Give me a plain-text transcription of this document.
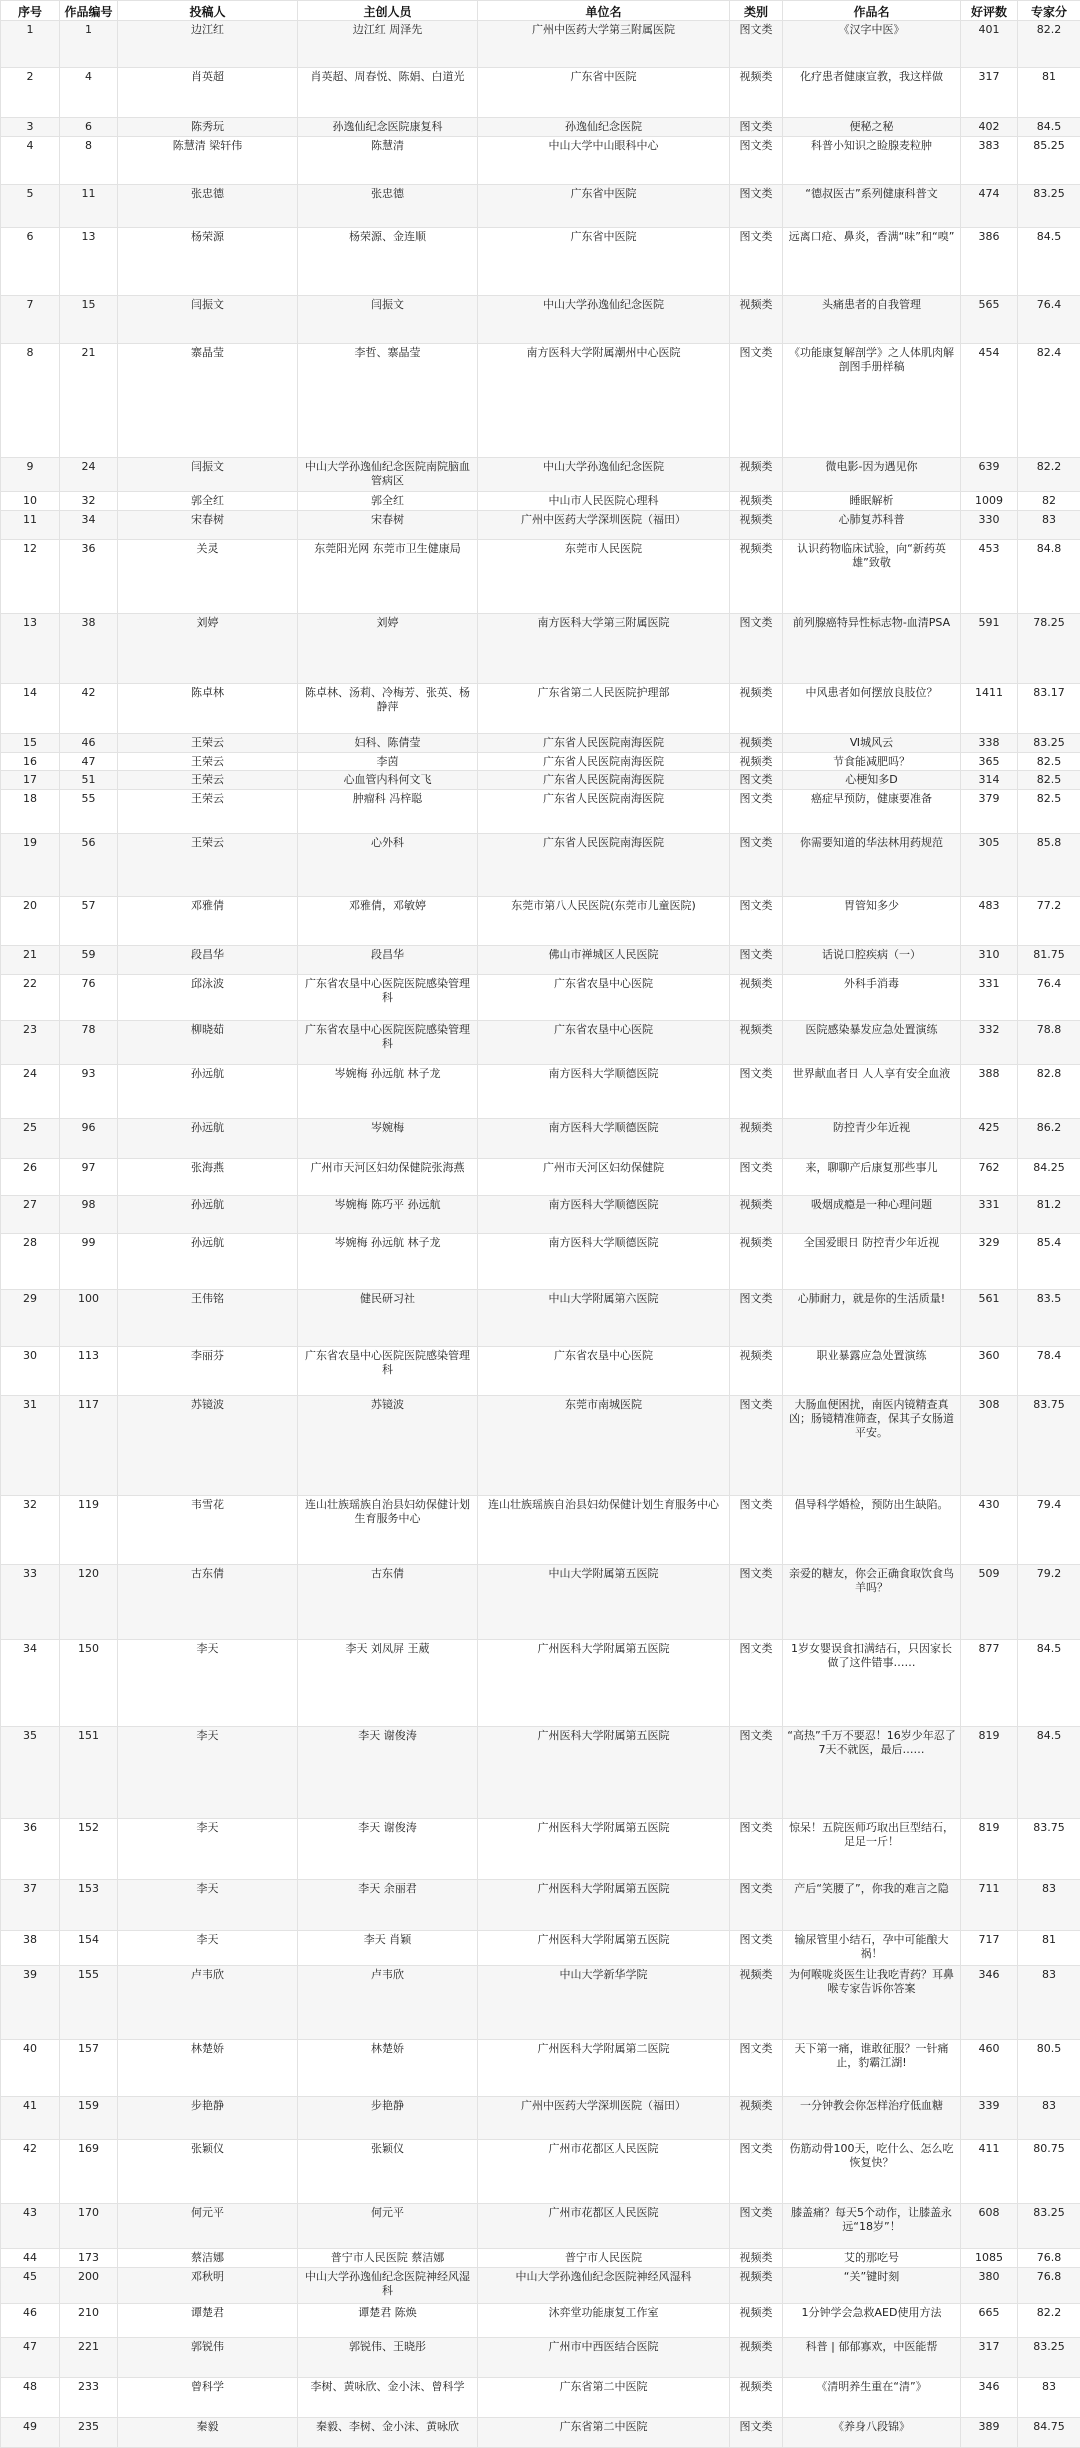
序号	作品编号	投稿人	主创人员	单位名	类别	作品名	好评数	专家分
1	1	边江红	边江红 周泽先	广州中医药大学第三附属医院	图文类	《汉字中医》	401	82.2
2	4	肖英超	肖英超、周春悦、陈娟、白道光	广东省中医院	视频类	化疗患者健康宣教，我这样做	317	81
3	6	陈秀玩	孙逸仙纪念医院康复科	孙逸仙纪念医院	图文类	便秘之秘	402	84.5
4	8	陈慧清 梁轩伟	陈慧清	中山大学中山眼科中心	图文类	科普小知识之睑腺麦粒肿	383	85.25
5	11	张忠德	张忠德	广东省中医院	图文类	“德叔医古”系列健康科普文	474	83.25
6	13	杨荣源	杨荣源、金连顺	广东省中医院	图文类	远离口疮、鼻炎，香满“味”和“嗅”	386	84.5
7	15	闫振文	闫振文	中山大学孙逸仙纪念医院	视频类	头痛患者的自我管理	565	76.4
8	21	寨晶莹	李哲、寨晶莹	南方医科大学附属潮州中心医院	图文类	《功能康复解剖学》之人体肌肉解剖图手册样稿	454	82.4
9	24	闫振文	中山大学孙逸仙纪念医院南院脑血管病区	中山大学孙逸仙纪念医院	视频类	微电影-因为遇见你	639	82.2
10	32	郭全红	郭全红	中山市人民医院心理科	视频类	睡眠解析	1009	82
11	34	宋春树	宋春树	广州中医药大学深圳医院（福田）	视频类	心肺复苏科普	330	83
12	36	关灵	东莞阳光网 东莞市卫生健康局	东莞市人民医院	视频类	认识药物临床试验，向“新药英雄”致敬	453	84.8
13	38	刘婷	刘婷	南方医科大学第三附属医院	图文类	前列腺癌特异性标志物-血清PSA	591	78.25
14	42	陈卓林	陈卓林、汤莉、冷梅芳、张英、杨静萍	广东省第二人民医院护理部	视频类	中风患者如何摆放良肢位？	1411	83.17
15	46	王荣云	妇科、陈倩莹	广东省人民医院南海医院	视频类	Ⅵ城风云	338	83.25
16	47	王荣云	李茵	广东省人民医院南海医院	视频类	节食能减肥吗？	365	82.5
17	51	王荣云	心血管内科何文飞	广东省人民医院南海医院	图文类	心梗知多D	314	82.5
18	55	王荣云	肿瘤科 冯梓聪	广东省人民医院南海医院	图文类	癌症早预防，健康要准备	379	82.5
19	56	王荣云	心外科	广东省人民医院南海医院	图文类	你需要知道的华法林用药规范	305	85.8
20	57	邓雅倩	邓雅倩，邓敏婷	东莞市第八人民医院(东莞市儿童医院)	图文类	胃管知多少	483	77.2
21	59	段昌华	段昌华	佛山市禅城区人民医院	图文类	话说口腔疾病（一）	310	81.75
22	76	邱泳波	广东省农垦中心医院医院感染管理科	广东省农垦中心医院	视频类	外科手消毒	331	76.4
23	78	柳晓茹	广东省农垦中心医院医院感染管理科	广东省农垦中心医院	视频类	医院感染暴发应急处置演练	332	78.8
24	93	孙远航	岑婉梅 孙远航 林子龙	南方医科大学顺德医院	图文类	世界献血者日 人人享有安全血液	388	82.8
25	96	孙远航	岑婉梅	南方医科大学顺德医院	视频类	防控青少年近视	425	86.2
26	97	张海燕	广州市天河区妇幼保健院张海燕	广州市天河区妇幼保健院	图文类	来，聊聊产后康复那些事儿	762	84.25
27	98	孙远航	岑婉梅 陈巧平 孙远航	南方医科大学顺德医院	视频类	吸烟成瘾是一种心理问题	331	81.2
28	99	孙远航	岑婉梅 孙远航 林子龙	南方医科大学顺德医院	视频类	全国爱眼日 防控青少年近视	329	85.4
29	100	王伟铭	健民研习社	中山大学附属第六医院	图文类	心肺耐力，就是你的生活质量!	561	83.5
30	113	李丽芬	广东省农垦中心医院医院感染管理科	广东省农垦中心医院	视频类	职业暴露应急处置演练	360	78.4
31	117	苏镜波	苏镜波	东莞市南城医院	图文类	大肠血便困扰，南医内镜精查真凶；肠镜精准筛查，保其子女肠道平安。	308	83.75
32	119	韦雪花	连山壮族瑶族自治县妇幼保健计划生育服务中心	连山壮族瑶族自治县妇幼保健计划生育服务中心	图文类	倡导科学婚检，预防出生缺陷。	430	79.4
33	120	古东倩	古东倩	中山大学附属第五医院	图文类	亲爱的糖友，你会正确食取饮食鸟羊吗？	509	79.2
34	150	李天	李天 刘凤屏 王葳	广州医科大学附属第五医院	图文类	1岁女婴误食扣满结石，只因家长做了这件错事……	877	84.5
35	151	李天	李天 谢俊涛	广州医科大学附属第五医院	图文类	“高热”千万不要忍！16岁少年忍了7天不就医，最后……	819	84.5
36	152	李天	李天 谢俊涛	广州医科大学附属第五医院	图文类	惊呆！五院医师巧取出巨型结石，足足一斤！	819	83.75
37	153	李天	李天 余丽君	广州医科大学附属第五医院	图文类	产后“笑腰了”，你我的难言之隐	711	83
38	154	李天	李天 肖颖	广州医科大学附属第五医院	图文类	输尿管里小结石，孕中可能酿大祸！	717	81
39	155	卢韦欣	卢韦欣	中山大学新华学院	视频类	为何喉咙炎医生让我吃青药？耳鼻喉专家告诉你答案	346	83
40	157	林楚娇	林楚娇	广州医科大学附属第二医院	图文类	天下第一痛，谁敢征服？一针痛止，豹霸江湖!	460	80.5
41	159	步艳静	步艳静	广州中医药大学深圳医院（福田）	视频类	一分钟教会你怎样治疗低血糖	339	83
42	169	张颖仪	张颖仪	广州市花都区人民医院	图文类	伤筋动骨100天，吃什么、怎么吃恢复快？	411	80.75
43	170	何元平	何元平	广州市花都区人民医院	图文类	膝盖痛？每天5个动作，让膝盖永远“18岁”！	608	83.25
44	173	蔡洁娜	普宁市人民医院 蔡洁娜	普宁市人民医院	视频类	艾的那吃号	1085	76.8
45	200	邓秋明	中山大学孙逸仙纪念医院神经风湿科	中山大学孙逸仙纪念医院神经风湿科	视频类	“关”键时刻	380	76.8
46	210	谭楚君	谭楚君 陈焕	沐弈堂功能康复工作室	视频类	1分钟学会急救AED使用方法	665	82.2
47	221	郭锐伟	郭锐伟、王晓彤	广州市中西医结合医院	视频类	科普 | 郁郁寡欢，中医能帮	317	83.25
48	233	曾科学	李树、黄咏欣、金小沫、曾科学	广东省第二中医院	视频类	《清明养生重在“清”》	346	83
49	235	秦毅	秦毅、李树、金小沫、黄咏欣	广东省第二中医院	图文类	《养身八段锦》	389	84.75
